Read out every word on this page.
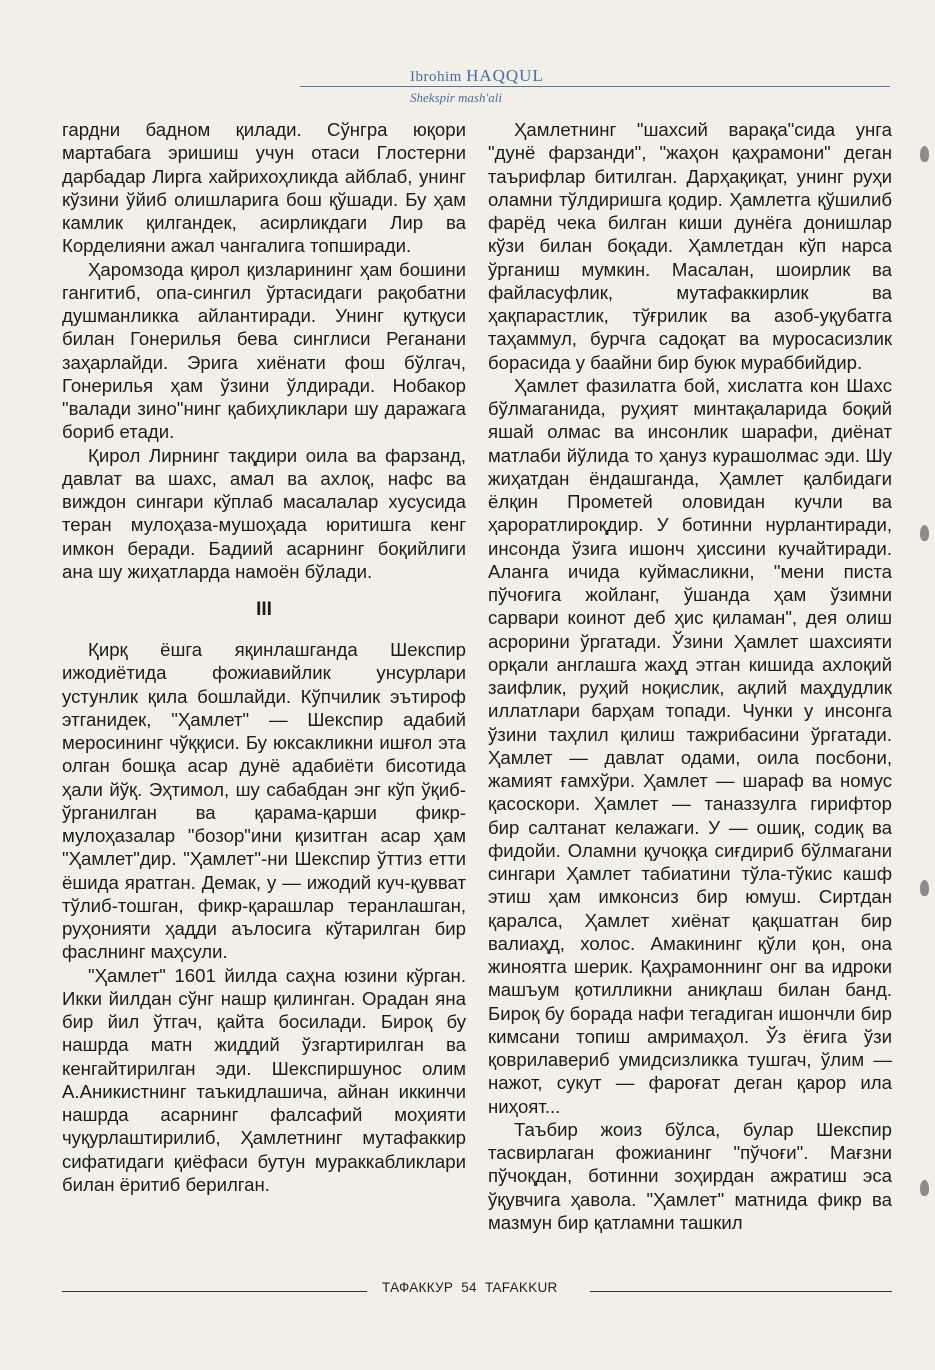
Ibrohim HAQQUL
Shekspir mash'ali

гардни бадном қилади. Сўнгра юқори мартабага эришиш учун отаси Глостерни дарбадар Лирга хайрихоҳликда айблаб, унинг кўзини ўйиб олишларига бош қўшади. Бу ҳам камлик қилгандек, асирликдаги Лир ва Корделияни ажал чангалига топширади.

Ҳаромзода қирол қизларининг ҳам бошини гангитиб, опа-сингил ўртасидаги рақобатни душманликка айлантиради. Унинг қутқуси билан Гонерилья бева синглиси Реганани заҳарлайди. Эрига хиёнати фош бўлгач, Гонерилья ҳам ўзини ўлдиради. Нобакор "валади зино"нинг қабиҳликлари шу даражага бориб етади.

Қирол Лирнинг тақдири оила ва фарзанд, давлат ва шахс, амал ва ахлоқ, нафс ва виждон сингари кўплаб масалалар хусусида теран мулоҳаза-мушоҳада юритишга кенг имкон беради. Бадиий асарнинг боқийлиги ана шу жиҳатларда намоён бўлади.

III

Қирқ ёшга яқинлашганда Шекспир ижодиётида фожиавийлик унсурлари устунлик қила бошлайди. Кўпчилик эътироф этганидек, "Ҳамлет" — Шекспир адабий меросининг чўққиси. Бу юксакликни ишғол эта олган бошқа асар дунё адабиёти бисотида ҳали йўқ. Эҳтимол, шу сабабдан энг кўп ўқиб-ўрганилган ва қарама-қарши фикр-мулоҳазалар "бозор"ини қизитган асар ҳам "Ҳамлет"дир. "Ҳамлет"-ни Шекспир ўттиз етти ёшида яратган. Демак, у — ижодий куч-қувват тўлиб-тошган, фикр-қарашлар теранлашган, руҳонияти ҳадди аълосига кўтарилган бир фаслнинг маҳсули.

"Ҳамлет" 1601 йилда саҳна юзини кўрган. Икки йилдан сўнг нашр қилинган. Орадан яна бир йил ўтгач, қайта босилади. Бироқ бу нашрда матн жиддий ўзгартирилган ва кенгайтирилган эди. Шекспиршунос олим А.Аникистнинг таъкидлашича, айнан иккинчи нашрда асарнинг фалсафий моҳияти чуқурлаштирилиб, Ҳамлетнинг мутафаккир сифатидаги қиёфаси бутун мураккабликлари билан ёритиб берилган.

Ҳамлетнинг "шахсий варақа"сида унга "дунё фарзанди", "жаҳон қаҳрамони" деган таърифлар битилган. Дарҳақиқат, унинг руҳи оламни тўлдиришга қодир. Ҳамлетга қўшилиб фарёд чека билган киши дунёга донишлар кўзи билан боқади. Ҳамлетдан кўп нарса ўрганиш мумкин. Масалан, шоирлик ва файласуфлик, мутафаккирлик ва ҳақпарастлик, тўғрилик ва азоб-уқубатга таҳаммул, бурчга садоқат ва муросасизлик борасида у баайни бир буюк мураббийдир.

Ҳамлет фазилатга бой, хислатга кон Шахс бўлмаганида, руҳият минтақаларида боқий яшай олмас ва инсонлик шарафи, диёнат матлаби йўлида то ҳануз курашолмас эди. Шу жиҳатдан ёндашганда, Ҳамлет қалбидаги ёлқин Прометей оловидан кучли ва ҳароратлироқдир. У ботинни нурлантиради, инсонда ўзига ишонч ҳиссини кучайтиради. Аланга ичида куймасликни, "мени писта пўчоғига жойланг, ўшанда ҳам ўзимни сарвари коинот деб ҳис қиламан", дея олиш асрорини ўргатади. Ўзини Ҳамлет шахсияти орқали англашга жаҳд этган кишида ахлоқий заифлик, руҳий ноқислик, ақлий маҳдудлик иллатлари барҳам топади. Чунки у инсонга ўзини таҳлил қилиш тажрибасини ўргатади. Ҳамлет — давлат одами, оила посбони, жамият ғамхўри. Ҳамлет — шараф ва номус қасоскори. Ҳамлет — таназзулга гирифтор бир салтанат келажаги. У — ошиқ, содиқ ва фидойи. Оламни қучоққа сиғдириб бўлмагани сингари Ҳамлет табиатини тўла-тўкис кашф этиш ҳам имконсиз бир юмуш. Сиртдан қаралса, Ҳамлет хиёнат қақшатган бир валиаҳд, холос. Амакининг қўли қон, она жиноятга шерик. Қаҳрамоннинг онг ва идроки машъум қотилликни аниқлаш билан банд. Бироқ бу борада нафи тегадиган ишончли бир кимсани топиш амримаҳол. Ўз ёғига ўзи қоврилавериб умидсизликка тушгач, ўлим — нажот, сукут — фароғат деган қарор ила ниҳоят...

Таъбир жоиз бўлса, булар Шекспир тасвирлаган фожианинг "пўчоғи". Мағзни пўчоқдан, ботинни зоҳирдан ажратиш эса ўқувчига ҳавола. "Ҳамлет" матнида фикр ва мазмун бир қатламни ташкил

ТАФАККУР 54 TAFAKKUR
